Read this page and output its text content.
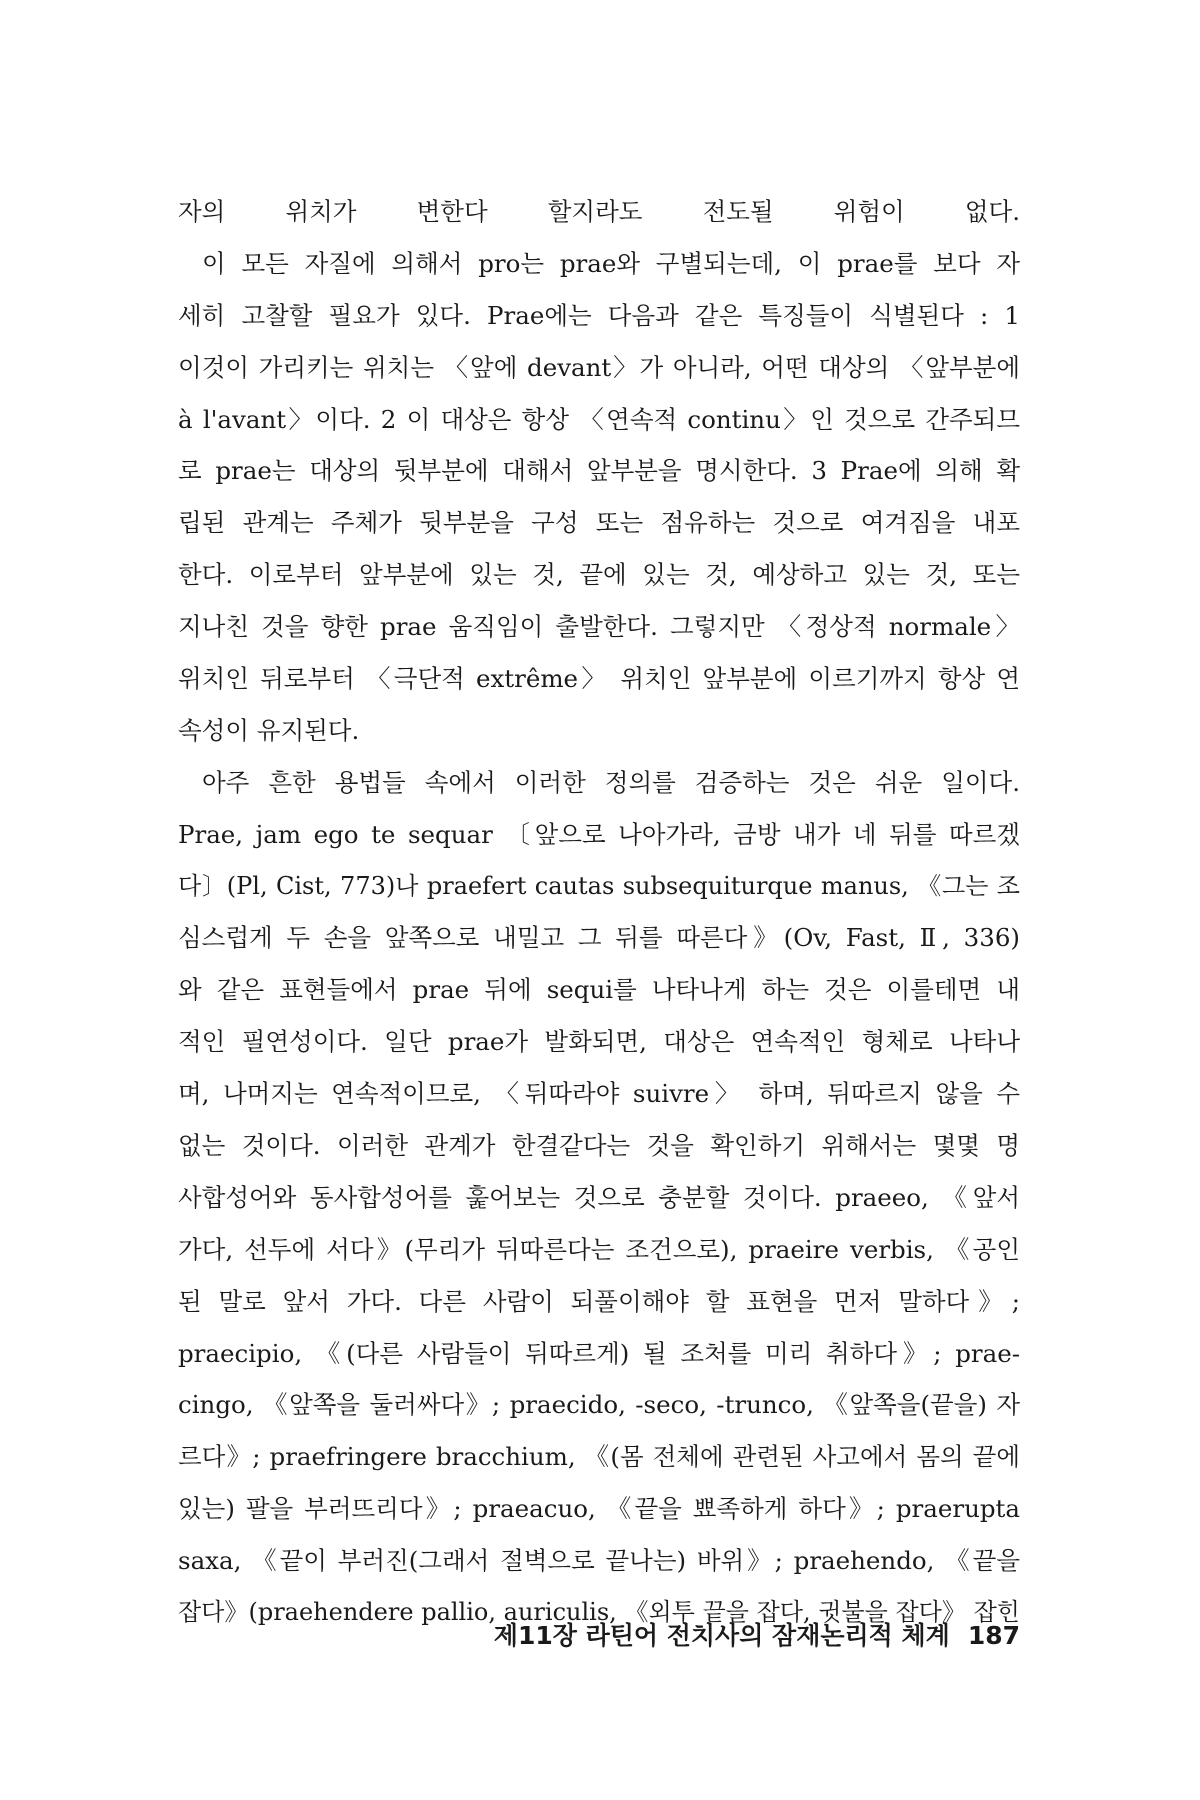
자의 위치가 변한다 할지라도 전도될 위험이 없다.
이 모든 자질에 의해서 pro는 prae와 구별되는데, 이 prae를 보다 자
세히 고찰할 필요가 있다. Prae에는 다음과 같은 특징들이 식별된다 : 1
이것이 가리키는 위치는 〈앞에 devant〉가 아니라, 어떤 대상의 〈앞부분에
à l'avant〉이다. 2 이 대상은 항상 〈연속적 continu〉인 것으로 간주되므
로 prae는 대상의 뒷부분에 대해서 앞부분을 명시한다. 3 Prae에 의해 확
립된 관계는 주체가 뒷부분을 구성 또는 점유하는 것으로 여겨짐을 내포
한다. 이로부터 앞부분에 있는 것, 끝에 있는 것, 예상하고 있는 것, 또는
지나친 것을 향한 prae 움직임이 출발한다. 그렇지만 〈정상적 normale〉
위치인 뒤로부터 〈극단적 extrême〉 위치인 앞부분에 이르기까지 항상 연
속성이 유지된다.
아주 흔한 용법들 속에서 이러한 정의를 검증하는 것은 쉬운 일이다.
Prae, jam ego te sequar 〔앞으로 나아가라, 금방 내가 네 뒤를 따르겠
다〕(Pl, Cist, 773)나 praefert cautas subsequiturque manus, 《그는 조
심스럽게 두 손을 앞쪽으로 내밀고 그 뒤를 따른다》(Ov, Fast, Ⅱ, 336)
와 같은 표현들에서 prae 뒤에 sequi를 나타나게 하는 것은 이를테면 내
적인 필연성이다. 일단 prae가 발화되면, 대상은 연속적인 형체로 나타나
며, 나머지는 연속적이므로, 〈뒤따라야 suivre〉 하며, 뒤따르지 않을 수
없는 것이다. 이러한 관계가 한결같다는 것을 확인하기 위해서는 몇몇 명
사합성어와 동사합성어를 훑어보는 것으로 충분할 것이다. praeeo, 《앞서
가다, 선두에 서다》(무리가 뒤따른다는 조건으로), praeire verbis, 《공인
된 말로 앞서 가다. 다른 사람이 되풀이해야 할 표현을 먼저 말하다》;
praecipio, 《(다른 사람들이 뒤따르게) 될 조처를 미리 취하다》; prae-
cingo, 《앞쪽을 둘러싸다》; praecido, -seco, -trunco, 《앞쪽을(끝을) 자
르다》; praefringere bracchium, 《(몸 전체에 관련된 사고에서 몸의 끝에
있는) 팔을 부러뜨리다》; praeacuo, 《끝을 뾰족하게 하다》; praerupta
saxa, 《끝이 부러진(그래서 절벽으로 끝나는) 바위》; praehendo, 《끝을
잡다》(praehendere pallio, auriculis, 《외투 끝을 잡다, 귓불을 잡다》 잡힌
제11장 라틴어 전치사의 잠재논리적 체계 187
